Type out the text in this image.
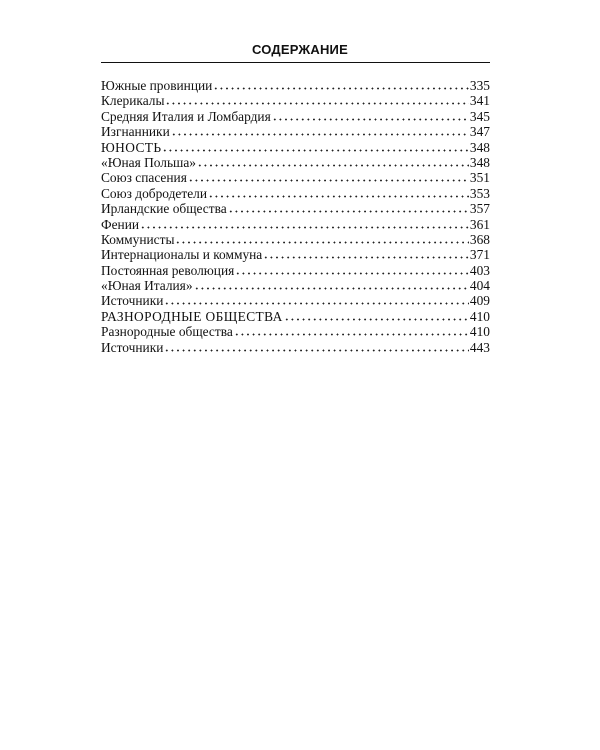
СОДЕРЖАНИЕ
Южные провинции	335
Клерикалы	341
Средняя Италия и Ломбардия	345
Изгнанники	347
ЮНОСТЬ	348
«Юная Польша»	348
Союз спасения	351
Союз добродетели	353
Ирландские общества	357
Фении	361
Коммунисты	368
Интернационалы и коммуна	371
Постоянная революция	403
«Юная Италия»	404
Источники	409
РАЗНОРОДНЫЕ ОБЩЕСТВА	410
Разнородные общества	410
Источники	443
